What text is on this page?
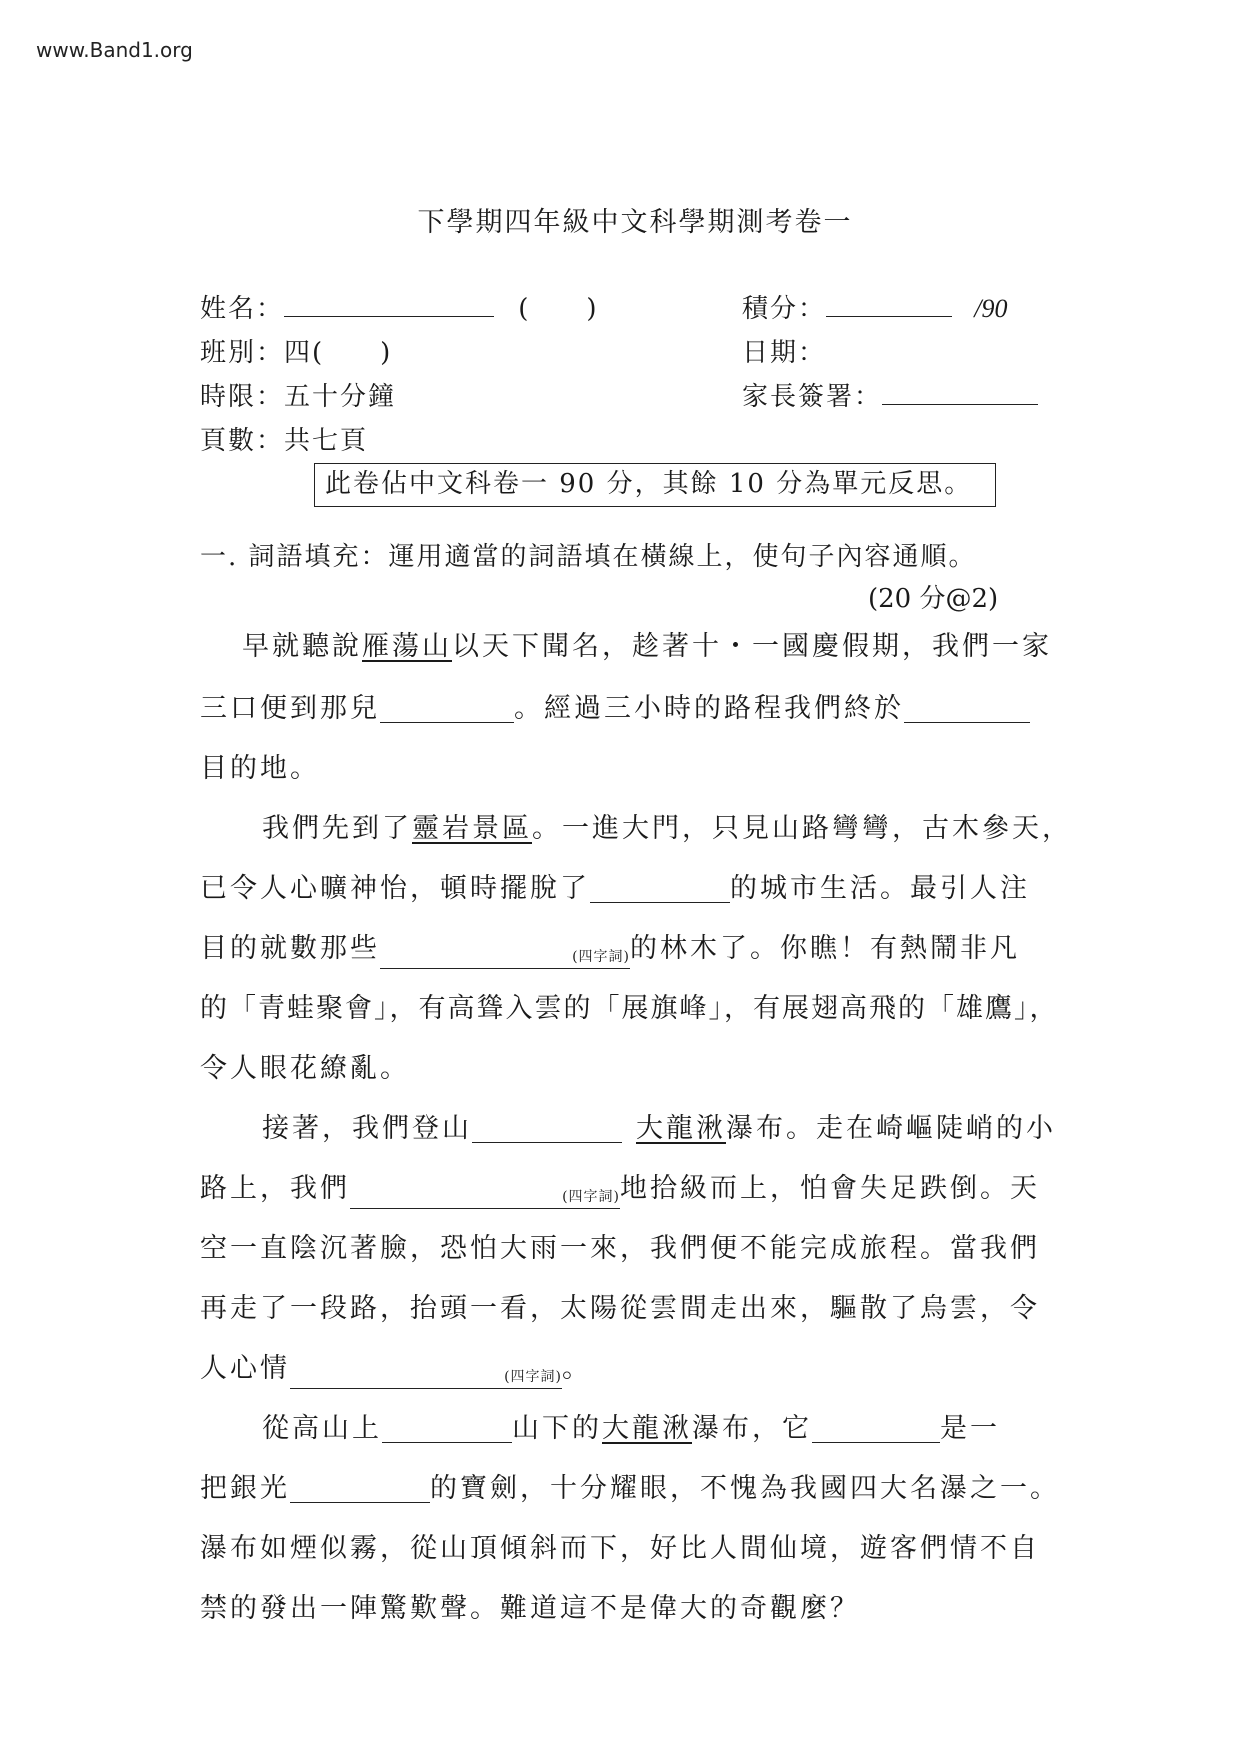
www.Band1.org
下學期四年級中文科學期測考卷一
姓名：	(　　)	積分：	/90
班別：四(　　)	日期：
時限：五十分鐘	家長簽署：
頁數：共七頁
此卷佔中文科卷一 90 分，其餘 10 分為單元反思。
一. 詞語填充：運用適當的詞語填在橫線上，使句子內容通順。
(20 分@2)
早就聽說雁蕩山以天下聞名，趁著十・一國慶假期，我們一家
三口便到那兒	。經過三小時的路程我們終於
目的地。
我們先到了靈岩景區。一進大門，只見山路彎彎，古木參天，
已令人心曠神怡，頓時擺脫了	的城市生活。最引人注
目的就數那些	(四字詞)的林木了。你瞧！有熱鬧非凡
的「青蛙聚會」，有高聳入雲的「展旗峰」，有展翅高飛的「雄鷹」，
令人眼花繚亂。
接著，我們登山	大龍湫瀑布。走在崎嶇陡峭的小
路上，我們	(四字詞)地拾級而上，怕會失足跌倒。天
空一直陰沉著臉，恐怕大雨一來，我們便不能完成旅程。當我們
再走了一段路，抬頭一看，太陽從雲間走出來，驅散了烏雲，令
人心情	(四字詞)。
從高山上	山下的大龍湫瀑布，它	是一
把銀光	的寶劍，十分耀眼，不愧為我國四大名瀑之一。
瀑布如煙似霧，從山頂傾斜而下，好比人間仙境，遊客們情不自
禁的發出一陣驚歎聲。難道這不是偉大的奇觀麼？
